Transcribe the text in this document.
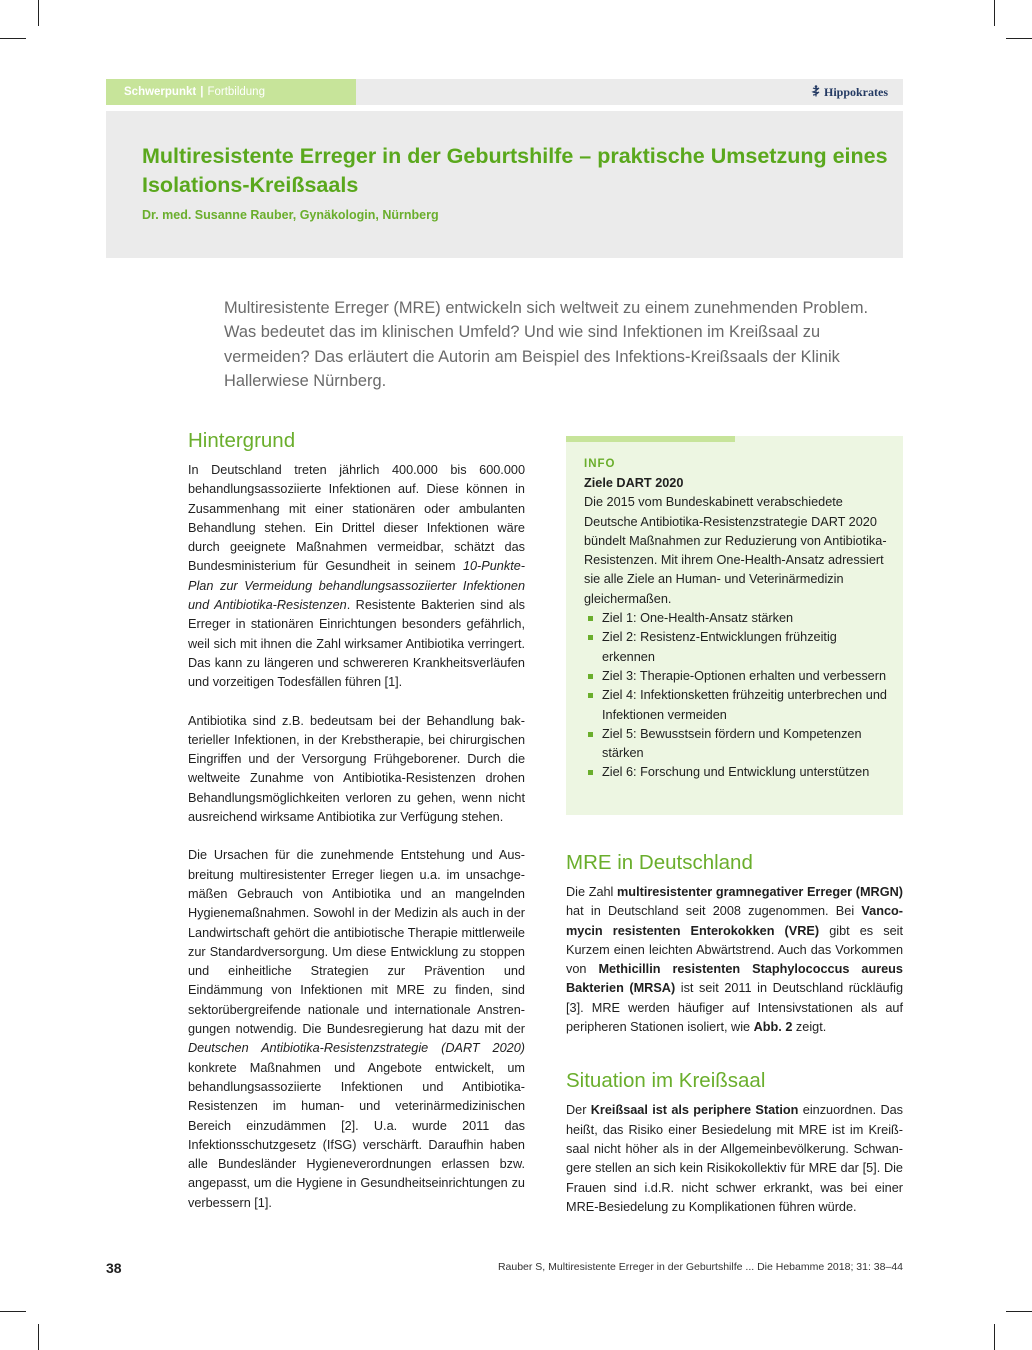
Schwerpunkt | Fortbildung	Hippokrates
Multiresistente Erreger in der Geburtshilfe – praktische Umsetzung eines Isolations-Kreißsaals
Dr. med. Susanne Rauber, Gynäkologin, Nürnberg

Multiresistente Erreger (MRE) entwickeln sich weltweit zu einem zunehmenden Problem. Was bedeutet das im klinischen Umfeld? Und wie sind Infektionen im Kreißsaal zu vermeiden? Das erläutert die Autorin am Beispiel des Infektions-Kreißsaals der Klinik Hallerwiese Nürnberg.

Hintergrund

In Deutschland treten jährlich 400.000 bis 600.000 behandlungsassoziierte Infektionen auf. Diese können in Zusammenhang mit einer stationären oder ambulanten Behandlung stehen. Ein Drittel dieser Infektionen wäre durch geeignete Maßnahmen vermeidbar, schätzt das Bundesministerium für Gesundheit in seinem 10-Punkte-Plan zur Vermeidung behandlungsassoziierter Infektionen und Antibiotika-Resistenzen. Resistente Bakterien sind als Erreger in stationären Einrichtungen besonders gefährlich, weil sich mit ihnen die Zahl wirksamer Antibiotika verringert. Das kann zu längeren und schwereren Krankheitsverläufen und vorzeitigen Todesfällen führen [1].

Antibiotika sind z.B. bedeutsam bei der Behandlung bakterieller Infektionen, in der Krebstherapie, bei chirurgischen Eingriffen und der Versorgung Frühgeborener. Durch die weltweite Zunahme von Antibiotika-Resistenzen drohen Behandlungsmöglichkeiten verloren zu gehen, wenn nicht ausreichend wirksame Antibiotika zur Verfügung stehen.

Die Ursachen für die zunehmende Entstehung und Ausbreitung multiresistenter Erreger liegen u.a. im unsachgemäßen Gebrauch von Antibiotika und an mangelnden Hygienemaßnahmen. Sowohl in der Medizin als auch in der Landwirtschaft gehört die antibiotische Therapie mittlerweile zur Standardversorgung. Um diese Entwicklung zu stoppen und einheitliche Strategien zur Prävention und Eindämmung von Infektionen mit MRE zu finden, sind sektorübergreifende nationale und internationale Anstrengungen notwendig. Die Bundesregierung hat dazu mit der Deutschen Antibiotika-Resistenzstrategie (DART 2020) konkrete Maßnahmen und Angebote entwickelt, um behandlungsassoziierte Infektionen und Antibiotika-Resistenzen im human- und veterinärmedizinischen Bereich einzudämmen [2]. U.a. wurde 2011 das Infektionsschutzgesetz (IfSG) verschärft. Daraufhin haben alle Bundesländer Hygieneverordnungen erlassen bzw. angepasst, um die Hygiene in Gesundheitseinrichtungen zu verbessern [1].

INFO
Ziele DART 2020

Die 2015 vom Bundeskabinett verabschiedete Deutsche Antibiotika-Resistenzstrategie DART 2020 bündelt Maßnahmen zur Reduzierung von Antibiotika-Resistenzen. Mit ihrem One-Health-Ansatz adressiert sie alle Ziele an Human- und Veterinärmedizin gleichermaßen.

Ziel 1: One-Health-Ansatz stärken
Ziel 2: Resistenz-Entwicklungen frühzeitig erkennen
Ziel 3: Therapie-Optionen erhalten und verbessern
Ziel 4: Infektionsketten frühzeitig unterbrechen und Infektionen vermeiden
Ziel 5: Bewusstsein fördern und Kompetenzen stärken
Ziel 6: Forschung und Entwicklung unterstützen
MRE in Deutschland

Die Zahl multiresistenter gramnegativer Erreger (MRGN) hat in Deutschland seit 2008 zugenommen. Bei Vancomycin resistenten Enterokokken (VRE) gibt es seit Kurzem einen leichten Abwärtstrend. Auch das Vorkommen von Methicillin resistenten Staphylococcus aureus Bakterien (MRSA) ist seit 2011 in Deutschland rückläufig [3]. MRE werden häufiger auf Intensivstationen als auf peripheren Stationen isoliert, wie Abb. 2 zeigt.

Situation im Kreißsaal

Der Kreißsaal ist als periphere Station einzuordnen. Das heißt, das Risiko einer Besiedelung mit MRE ist im Kreißsaal nicht höher als in der Allgemeinbevölkerung. Schwangere stellen an sich kein Risikokollektiv für MRE dar [5]. Die Frauen sind i.d.R. nicht schwer erkrankt, was bei einer MRE-Besiedelung zu Komplikationen führen würde.

38	Rauber S, Multiresistente Erreger in der Geburtshilfe ... Die Hebamme 2018; 31: 38–44
